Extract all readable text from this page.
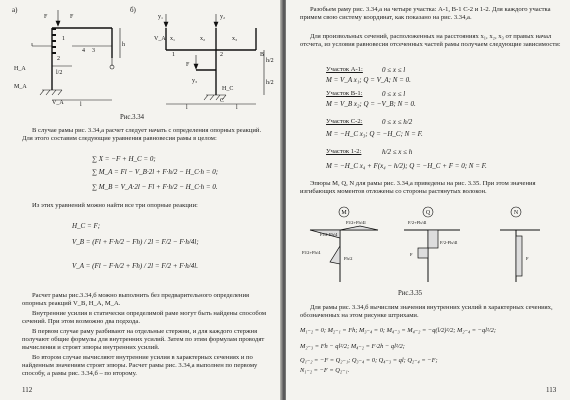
а)	б)
F	F
h
H_A
M_A
V_A	l
1
4 3
2
l/2
y₁	y₂
V_A x₁	x₂	x₃
F
y₃
H_C
h/2
h/2
l	l
1	2	B
C
Рис.3.34
В случае рамы рис. 3.34,а расчет следует начать с определения опорных реакций. Для этого составим следующие уравнения равновесия рамы в целом:
∑ X = −F + H_C = 0;
∑ M_A = Fl − V_B·2l + F·h/2 − H_C·h = 0;
∑ M_B = V_A·2l − Fl + F·h/2 − H_C·h = 0.
Из этих уравнений можно найти все три опорные реакции:
H_C = F;
V_B = (Fl + F·h/2 − Fh) / 2l = F/2 − F·h/4l;
V_A = (Fl − F·h/2 + Fh) / 2l = F/2 + F·h/4l.
Расчет рамы рис.3.34,б можно выполнить без предварительного определения опорных реакций V_B, H_A, M_A.
Внутренние усилия в статически определимой раме могут быть найдены способом сечений. При этом возможно два подхода.
В первом случае раму разбивают на отдельные стержни, и для каждого стержня получают общие формулы для внутренних усилий. Затем по этим формулам проводят вычисления и строят эпюры внутренних усилий.
Во втором случае вычисляют внутренние усилия в характерных сечениях и по найденным значениям строят эпюры. Расчет рамы рис. 3.34,а выполнен по первому способу, а рамы рис. 3.34,б – по второму.
112
Разобьем раму рис. 3.34,а на четыре участка: A-1, B-1 C-2 и 1-2. Для каждого участка примем свою систему координат, как показано на рис. 3.34,а.
Для произвольных сечений, расположенных на расстояниях x₁, x₂, x₃ от правых начал отсчета, из условия равновесия отсеченных частей рамы получаем следующие зависимости:
Участок A-1:	0 ≤ x ≤ l
M = V_A x₁; Q = V_A; N = 0.
Участок B-1:	0 ≤ x ≤ l
M = V_B x₂; Q = −V_B; N = 0.
Участок C-2:	0 ≤ x ≤ h/2
M = −H_C x₃; Q = −H_C; N = F.
Участок 1-2:	h/2 ≤ x ≤ h
M = −H_C x₄ + F(x₄ − h/2); Q = −H_C + F = 0; N = F.
Эпюры M, Q, N для рамы рис. 3.34,а приведены на рис. 3.35. При этом значения изгибающих моментов отложены со стороны растянутых волокон.
M	Q	N
Fl/2+Fh/4l
Fl/2-Fh/4
Fl/2+Fh/4
Fh/2
F/2+Fh/4l
F/2-Fh/4l
F
F
Рис.3.35
Для рамы рис. 3.34,б вычислим значения внутренних усилий в характерных сечениях, обозначенных на этом рисунке штрихами.
M₁₋₂ = 0; M₂₋₁ = Fh; M₃₋₄ = 0; M₄₋₃ = M₄₋₂ = −q(l/2)²/2; M₂₋₄ = −ql²/2;
M₂₋₃ = Fh − ql²/2; M₄₋₂ = F·2h − ql²/2;
Q₁₋₂ = −F = Q₂₋₁; Q₃₋₄ = 0; Q₄₋₃ = ql; Q₂₋₄ = −F;
N₁₋₂ = −F = Q₂₋₁.
113
